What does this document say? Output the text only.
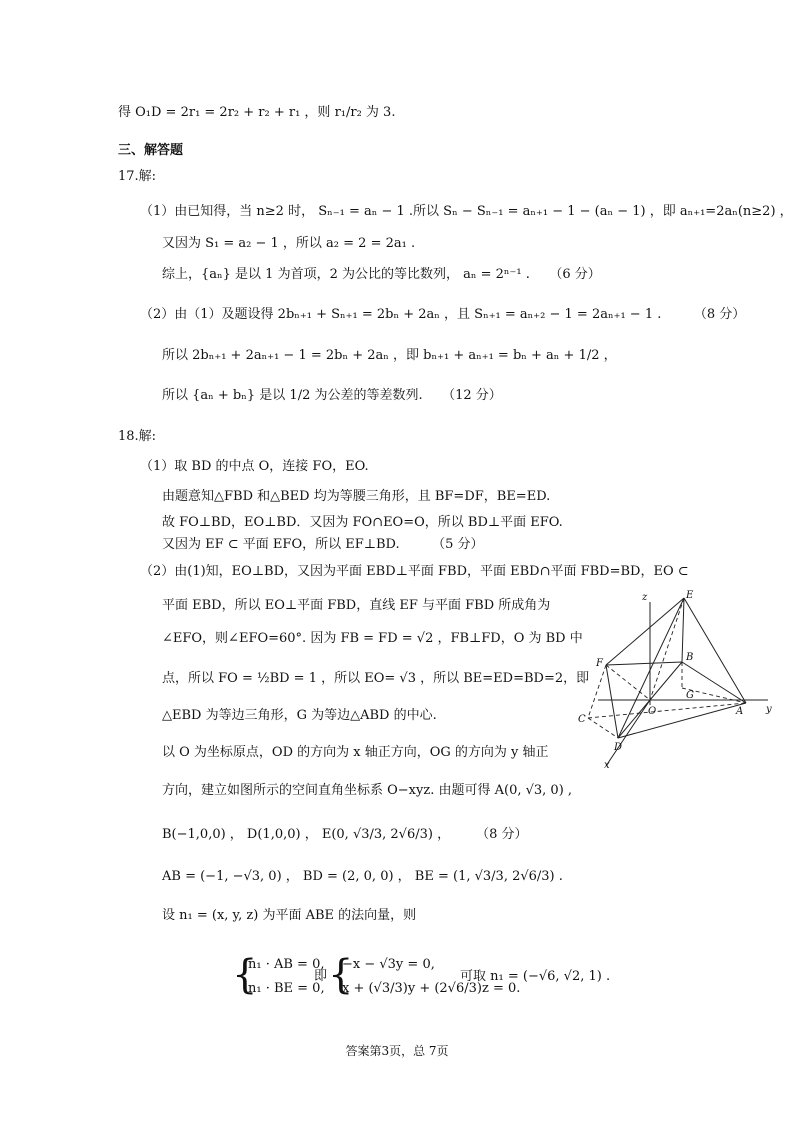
得 O₁D = 2r₁ = 2r₂ + r₂ + r₁ ，则 r₁/r₂ 为 3.
三、解答题
17.解:
（1）由已知得，当 n≥2 时， Sₙ₋₁ = aₙ − 1 .所以 Sₙ − Sₙ₋₁ = aₙ₊₁ − 1 − (aₙ − 1) ，即 aₙ₊₁=2aₙ(n≥2) ，
又因为 S₁ = a₂ − 1 ，所以 a₂ = 2 = 2a₁ .
综上，{aₙ} 是以 1 为首项，2 为公比的等比数列， aₙ = 2ⁿ⁻¹ .　　（6 分）
（2）由（1）及题设得 2bₙ₊₁ + Sₙ₊₁ = 2bₙ + 2aₙ ，且 Sₙ₊₁ = aₙ₊₂ − 1 = 2aₙ₊₁ − 1 .　　　（8 分）
所以 2bₙ₊₁ + 2aₙ₊₁ − 1 = 2bₙ + 2aₙ ，即 bₙ₊₁ + aₙ₊₁ = bₙ + aₙ + 1/2 ，
所以 {aₙ + bₙ} 是以 1/2 为公差的等差数列.　　（12 分）
18.解:
（1）取 BD 的中点 O，连接 FO，EO.
由题意知△FBD 和△BED 均为等腰三角形，且 BF=DF，BE=ED.
故 FO⊥BD，EO⊥BD．又因为 FO∩EO=O，所以 BD⊥平面 EFO.
又因为 EF ⊂ 平面 EFO，所以 EF⊥BD.　　　（5 分）
（2）由(1)知，EO⊥BD，又因为平面 EBD⊥平面 FBD，平面 EBD∩平面 FBD=BD，EO ⊂
平面 EBD，所以 EO⊥平面 FBD，直线 EF 与平面 FBD 所成角为
∠EFO，则∠EFO=60°. 因为 FB = FD = √2 ，FB⊥FD，O 为 BD 中
点，所以 FO = ½BD = 1 ，所以 EO= √3 ，所以 BE=ED=BD=2，即
△EBD 为等边三角形，G 为等边△ABD 的中心.
以 O 为坐标原点，OD 的方向为 x 轴正方向，OG 的方向为 y 轴正
方向，建立如图所示的空间直角坐标系 O−xyz. 由题可得 A(0, √3, 0) ,
B(−1,0,0) ， D(1,0,0) ， E(0, √3/3, 2√6/3) ，　　　（8 分）
AB = (−1, −√3, 0) ， BD = (2, 0, 0) ， BE = (1, √3/3, 2√6/3) .
设 n₁ = (x, y, z) 为平面 ABE 的法向量，则
{
n₁ · AB = 0,
n₁ · BE = 0,
即 {
−x − √3y = 0,
x + (√3/3)y + (2√6/3)z = 0.
可取 n₁ = (−√6, √2, 1) .
z	E
F
B
G
O	A y
C
D
x
答案第3页，总 7页
